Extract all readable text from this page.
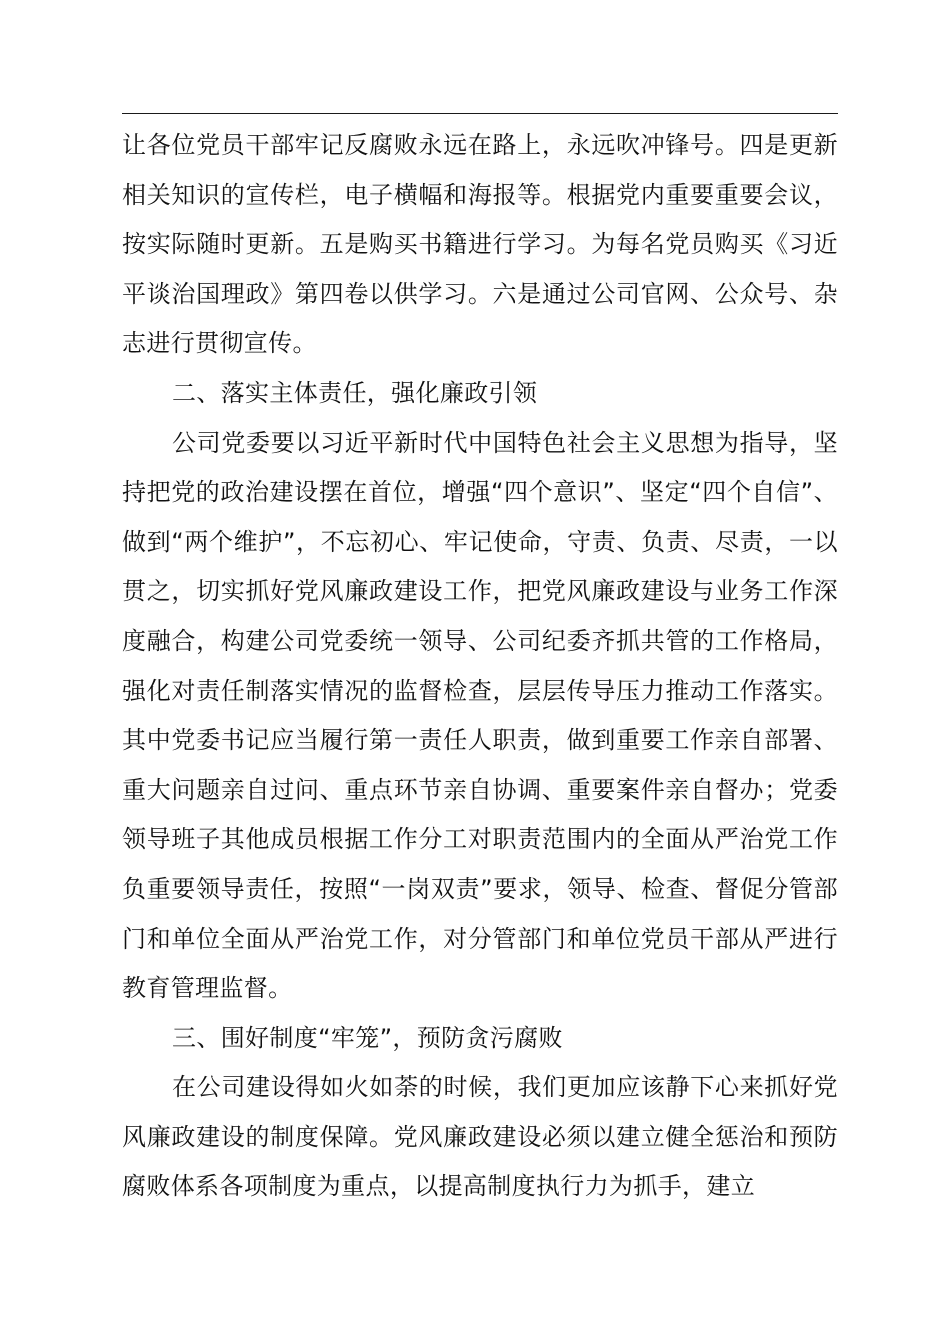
让各位党员干部牢记反腐败永远在路上，永远吹冲锋号。四是更新相关知识的宣传栏，电子横幅和海报等。根据党内重要重要会议，按实际随时更新。五是购买书籍进行学习。为每名党员购买《习近平谈治国理政》第四卷以供学习。六是通过公司官网、公众号、杂志进行贯彻宣传。

二、落实主体责任，强化廉政引领

公司党委要以习近平新时代中国特色社会主义思想为指导，坚持把党的政治建设摆在首位，增强“四个意识”、坚定“四个自信”、做到“两个维护”，不忘初心、牢记使命，守责、负责、尽责，一以贯之，切实抓好党风廉政建设工作，把党风廉政建设与业务工作深度融合，构建公司党委统一领导、公司纪委齐抓共管的工作格局，强化对责任制落实情况的监督检查，层层传导压力推动工作落实。其中党委书记应当履行第一责任人职责，做到重要工作亲自部署、重大问题亲自过问、重点环节亲自协调、重要案件亲自督办；党委领导班子其他成员根据工作分工对职责范围内的全面从严治党工作负重要领导责任，按照“一岗双责”要求，领导、检查、督促分管部门和单位全面从严治党工作，对分管部门和单位党员干部从严进行教育管理监督。

三、围好制度“牢笼”，预防贪污腐败

在公司建设得如火如荼的时候，我们更加应该静下心来抓好党风廉政建设的制度保障。党风廉政建设必须以建立健全惩治和预防腐败体系各项制度为重点，以提高制度执行力为抓手，建立
